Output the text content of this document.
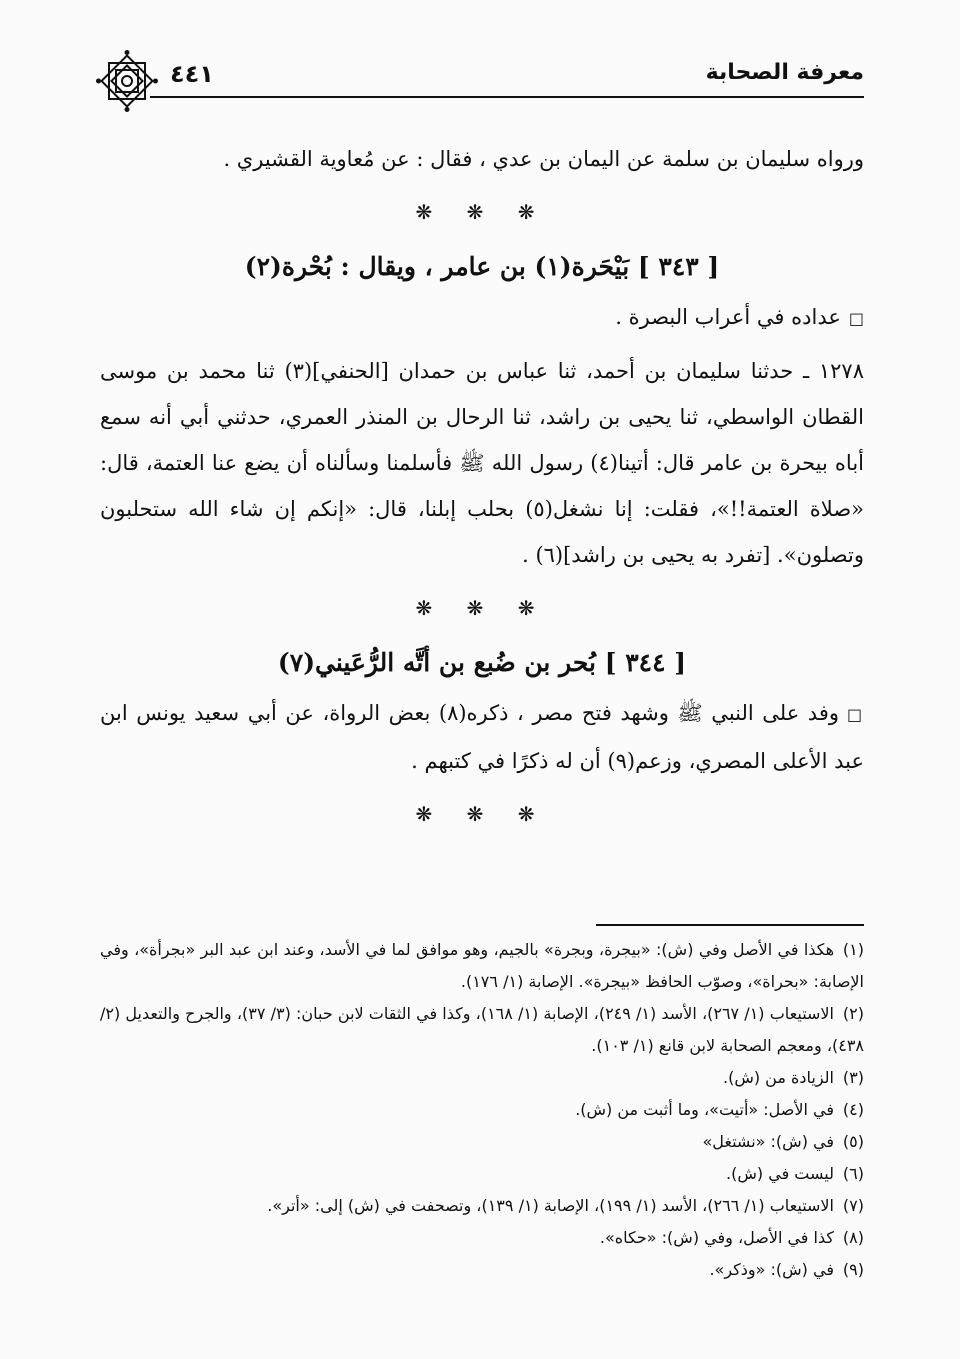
معرفة الصحابة
٤٤١

ورواه سليمان بن سلمة عن اليمان بن عدي ، فقال : عن مُعاوية القشيري .

❋ ❋ ❋

[ ٣٤٣ ] بَيْحَرة(١) بن عامر ، ويقال : بُحْرة(٢)

□عداده في أعراب البصرة .

١٢٧٨ ـ حدثنا سليمان بن أحمد، ثنا عباس بن حمدان [الحنفي](٣) ثنا محمد بن موسى القطان الواسطي، ثنا يحيى بن راشد، ثنا الرحال بن المنذر العمري، حدثني أبي أنه سمع أباه بيحرة بن عامر قال: أتينا(٤) رسول الله ﷺ فأسلمنا وسألناه أن يضع عنا العتمة، قال: «صلاة العتمة!!»، فقلت: إنا نشغل(٥) بحلب إبلنا، قال: «إنكم إن شاء الله ستحلبون وتصلون». [تفرد به يحيى بن راشد](٦) .

❋ ❋ ❋

[ ٣٤٤ ] بُحر بن ضُبع بن أتَّه الرُّعَيني(٧)

□وفد على النبي ﷺ وشهد فتح مصر ، ذكره(٨) بعض الرواة، عن أبي سعيد يونس ابن عبد الأعلى المصري، وزعم(٩) أن له ذكرًا في كتبهم .

❋ ❋ ❋

(١)هكذا في الأصل وفي (ش): «بيجرة، وبجرة» بالجيم، وهو موافق لما في الأسد، وعند ابن عبد البر «بجرأة»، وفي الإصابة: «بحراة»، وصوّب الحافظ «بيجرة». الإصابة (١/ ١٧٦).

(٢)الاستيعاب (١/ ٢٦٧)، الأسد (١/ ٢٤٩)، الإصابة (١/ ١٦٨)، وكذا في الثقات لابن حبان: (٣/ ٣٧)، والجرح والتعديل (٢/ ٤٣٨)، ومعجم الصحابة لابن قانع (١/ ١٠٣).

(٣)الزيادة من (ش).

(٤)في الأصل: «أتيت»، وما أثبت من (ش).

(٥)في (ش): «نشتغل»

(٦)ليست في (ش).

(٧)الاستيعاب (١/ ٢٦٦)، الأسد (١/ ١٩٩)، الإصابة (١/ ١٣٩)، وتصحفت في (ش) إلى: «أتر».

(٨)كذا في الأصل، وفي (ش): «حكاه».

(٩)في (ش): «وذكر».
